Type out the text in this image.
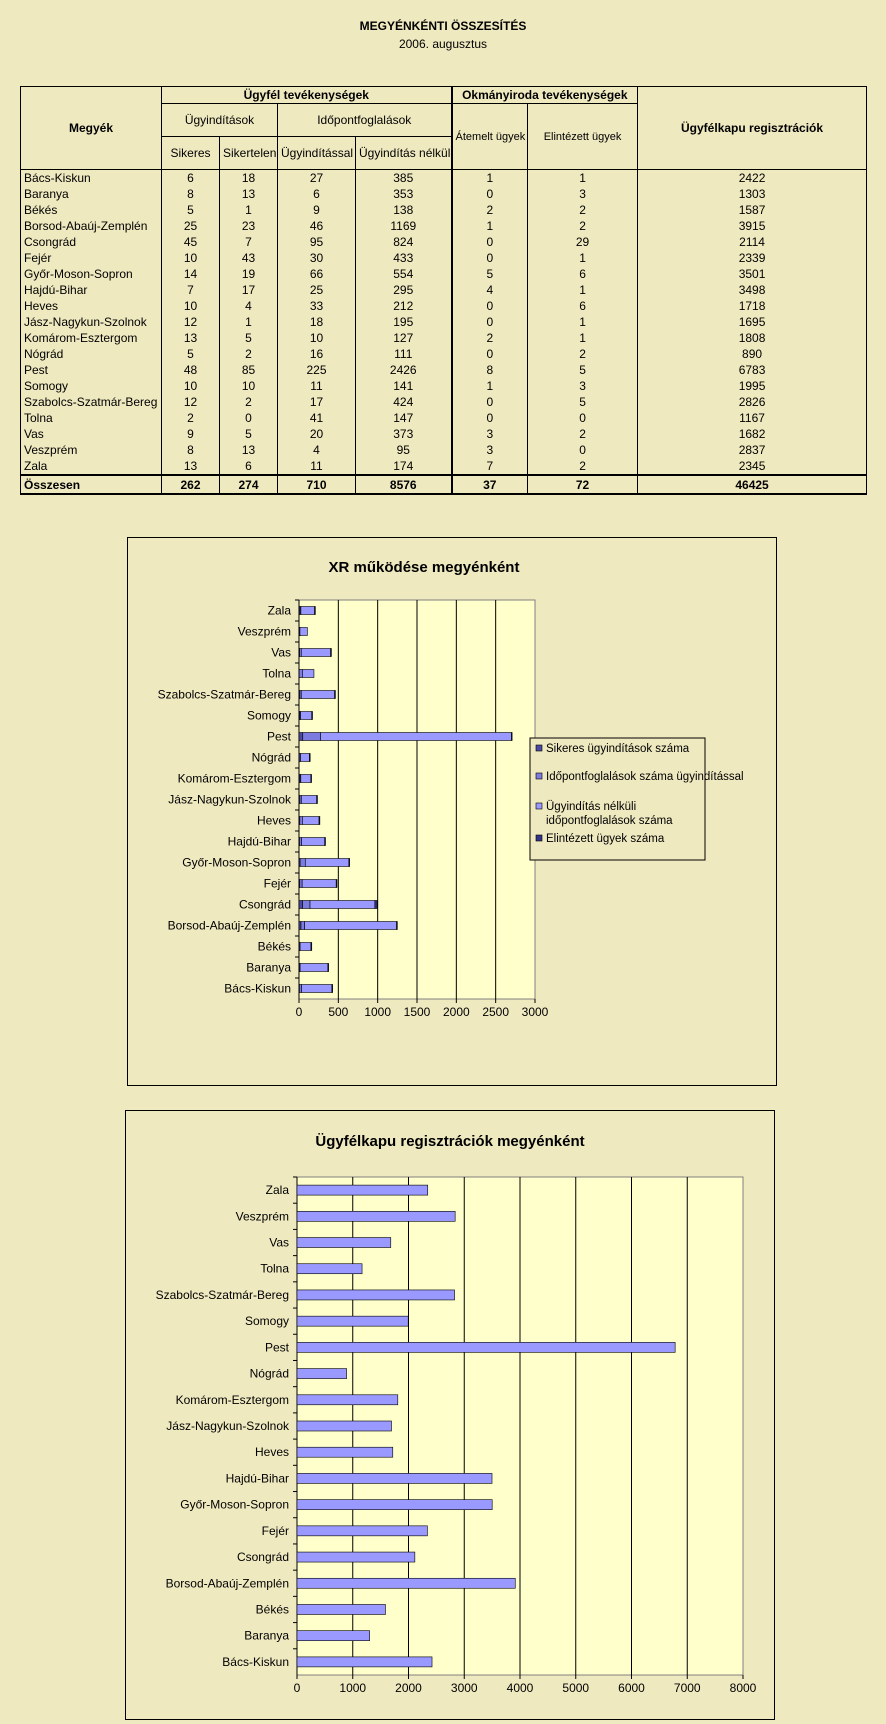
MEGYÉNKÉNTI ÖSSZESÍTÉS
2006. augusztus
Megyék	Ügyfél tevékenységek				Okmányiroda tevékenységek		Ügyfélkapu regisztrációk
	Ügyindítások		Időpontfoglalások		Átemelt ügyek	Elintézett ügyek	
	Sikeres	Sikertelen	Ügyindítással	Ügyindítás nélkül			
Bács-Kiskun	6	18	27	385	1	1	2422
Baranya	8	13	6	353	0	3	1303
Békés	5	1	9	138	2	2	1587
Borsod-Abaúj-Zemplén	25	23	46	1169	1	2	3915
Csongrád	45	7	95	824	0	29	2114
Fejér	10	43	30	433	0	1	2339
Győr-Moson-Sopron	14	19	66	554	5	6	3501
Hajdú-Bihar	7	17	25	295	4	1	3498
Heves	10	4	33	212	0	6	1718
Jász-Nagykun-Szolnok	12	1	18	195	0	1	1695
Komárom-Esztergom	13	5	10	127	2	1	1808
Nógrád	5	2	16	111	0	2	890
Pest	48	85	225	2426	8	5	6783
Somogy	10	10	11	141	1	3	1995
Szabolcs-Szatmár-Bereg	12	2	17	424	0	5	2826
Tolna	2	0	41	147	0	0	1167
Vas	9	5	20	373	3	2	1682
Veszprém	8	13	4	95	3	0	2837
Zala	13	6	11	174	7	2	2345
Összesen	262	274	710	8576	37	72	46425
0 500 1000 1500 2000 2500 3000
Bács-Kiskun
Baranya
Békés
Borsod-Abaúj-Zemplén
Csongrád
Fejér
Győr-Moson-Sopron
Hajdú-Bihar
Heves
Jász-Nagykun-Szolnok
Komárom-Esztergom
Nógrád
Pest
Somogy
Szabolcs-Szatmár-Bereg
Tolna
Vas
Veszprém
Zala
XR működése megyénként
Sikeres ügyindítások száma
Időpontfoglalások száma ügyindítással
Ügyindítás nélküli időpontfoglalások száma
Elintézett ügyek száma
0	1000 2000 3000 4000 5000 6000 7000 8000
Bács-Kiskun
Baranya
Békés
Borsod-Abaúj-Zemplén
Csongrád
Fejér
Győr-Moson-Sopron
Hajdú-Bihar
Heves
Jász-Nagykun-Szolnok
Komárom-Esztergom
Nógrád
Pest
Somogy
Szabolcs-Szatmár-Bereg
Tolna
Vas
Veszprém
Zala
Ügyfélkapu regisztrációk megyénként
